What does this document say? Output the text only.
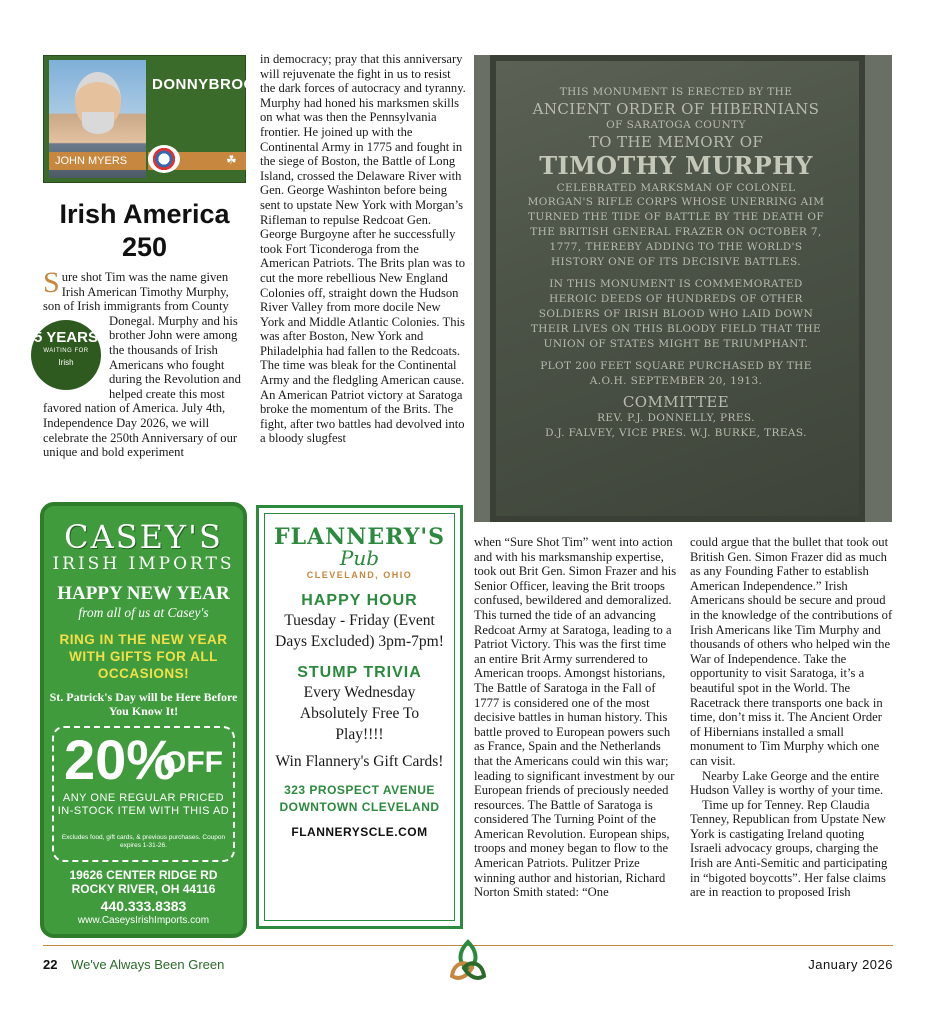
JOHN MYERS
DONNYBROOK
☘
Irish America 250
S ure shot Tim was the name given Irish American Timothy Murphy, son of Irish immigrants from County Donegal. Murphy and
5 YEARS
WAITING FOR
Irish
his brother John were among the thousands of Irish Americans who fought during the Revolution and helped create this most favored nation of America. July 4th, Independence Day 2026, we will celebrate the 250th Anniversary of our unique and bold experiment
in democracy; pray that this anniversary will rejuvenate the fight in us to resist the dark forces of autocracy and tyranny. Murphy had honed his marksmen skills on what was then the Pennsylvania frontier. He joined up with the Continental Army in 1775 and fought in the siege of Boston, the Battle of Long Island, crossed the Delaware River with Gen. George Washinton before being sent to upstate New York with Morgan’s Rifleman to repulse Redcoat Gen. George Burgoyne after he successfully took Fort Ticonderoga from the American Patriots. The Brits plan was to cut the more rebellious New England Colonies off, straight down the Hudson River Valley from more docile New York and Middle Atlantic Colonies. This was after Boston, New York and Philadelphia had fallen to the Redcoats. The time was bleak for the Continental Army and the fledgling American cause. An American Patriot victory at Saratoga broke the momentum of the Brits. The fight, after two battles had devolved into a bloody slugfest
THIS MONUMENT IS ERECTED BY THE
ANCIENT ORDER OF HIBERNIANS
OF SARATOGA COUNTY
TO THE MEMORY OF
TIMOTHY MURPHY
CELEBRATED MARKSMAN OF COLONEL MORGAN'S RIFLE CORPS WHOSE UNERRING AIM TURNED THE TIDE OF BATTLE BY THE DEATH OF THE BRITISH GENERAL FRAZER ON OCTOBER 7, 1777, THEREBY ADDING TO THE WORLD'S HISTORY ONE OF ITS DECISIVE BATTLES.
IN THIS MONUMENT IS COMMEMORATED HEROIC DEEDS OF HUNDREDS OF OTHER SOLDIERS OF IRISH BLOOD WHO LAID DOWN THEIR LIVES ON THIS BLOODY FIELD THAT THE UNION OF STATES MIGHT BE TRIUMPHANT.
PLOT 200 FEET SQUARE PURCHASED BY THE A.O.H. SEPTEMBER 20, 1913.
COMMITTEE
REV. P.J. DONNELLY, PRES.
D.J. FALVEY, VICE PRES. W.J. BURKE, TREAS.
CASEY'S
IRISH IMPORTS
HAPPY NEW YEAR
from all of us at Casey's
RING IN THE NEW YEAR WITH GIFTS FOR ALL OCCASIONS!
St. Patrick's Day will be Here Before You Know It!
20%
OFF
ANY ONE REGULAR PRICED IN-STOCK ITEM WITH THIS AD
Excludes food, gift cards, & previous purchases. Coupon expires 1-31-26.
19626 CENTER RIDGE RD
ROCKY RIVER, OH 44116
440.333.8383
www.CaseysIrishImports.com
FLANNERY'S
Pub
CLEVELAND, OHIO
HAPPY HOUR
Tuesday - Friday (Event Days Excluded) 3pm-7pm!
STUMP TRIVIA
Every Wednesday Absolutely Free To Play!!!!
Win Flannery's Gift Cards!
323 PROSPECT AVENUE
DOWNTOWN CLEVELAND
FLANNERYSCLE.COM
when “Sure Shot Tim” went into action and with his marksmanship expertise, took out Brit Gen. Simon Frazer and his Senior Officer, leaving the Brit troops confused, bewildered and demoralized. This turned the tide of an advancing Redcoat Army at Saratoga, leading to a Patriot Victory. This was the first time an entire Brit Army surrendered to American troops. Amongst historians, The Battle of Saratoga in the Fall of 1777 is considered one of the most decisive battles in human history. This battle proved to European powers such as France, Spain and the Netherlands that the Americans could win this war; leading to significant investment by our European friends of preciously needed resources. The Battle of Saratoga is considered The Turning Point of the American Revolution. European ships, troops and money began to flow to the American Patriots. Pulitzer Prize winning author and historian, Richard Norton Smith stated: “One

could argue that the bullet that took out British Gen. Simon Frazer did as much as any Founding Father to establish American Independence.” Irish Americans should be secure and proud in the knowledge of the contributions of Irish Americans like Tim Murphy and thousands of others who helped win the War of Independence. Take the opportunity to visit Saratoga, it’s a beautiful spot in the World. The Racetrack there transports one back in time, don’t miss it. The Ancient Order of Hibernians installed a small monument to Tim Murphy which one can visit.

Nearby Lake George and the entire Hudson Valley is worthy of your time.

Time up for Tenney. Rep Claudia Tenney, Republican from Upstate New York is castigating Ireland quoting Israeli advocacy groups, charging the Irish are Anti-Semitic and participating in “bigoted boycotts”. Her false claims are in reaction to proposed Irish

22 We've Always Been Green	January 2026
